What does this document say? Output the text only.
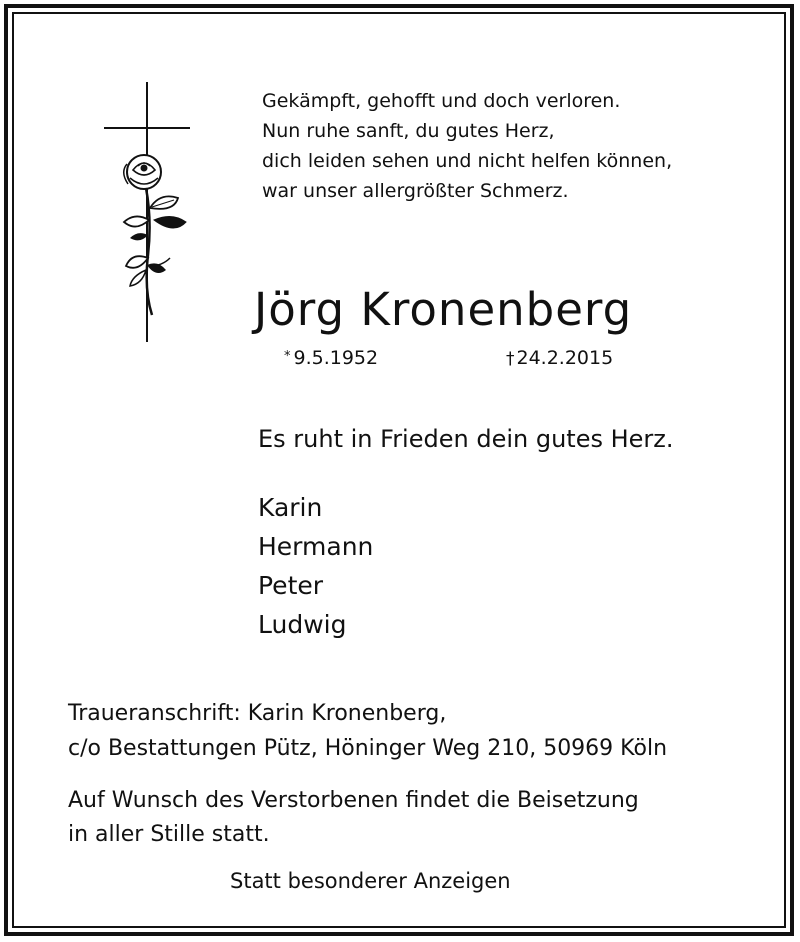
Gekämpft, gehofft und doch verloren.
Nun ruhe sanft, du gutes Herz,
dich leiden sehen und nicht helfen können,
war unser allergrößter Schmerz.
Jörg Kronenberg
* 9.5.1952	† 24.2.2015
Es ruht in Frieden dein gutes Herz.
Karin
Hermann
Peter
Ludwig
Traueranschrift: Karin Kronenberg,
c/o Bestattungen Pütz, Höninger Weg 210, 50969 Köln
Auf Wunsch des Verstorbenen findet die Beisetzung
in aller Stille statt.
Statt besonderer Anzeigen
